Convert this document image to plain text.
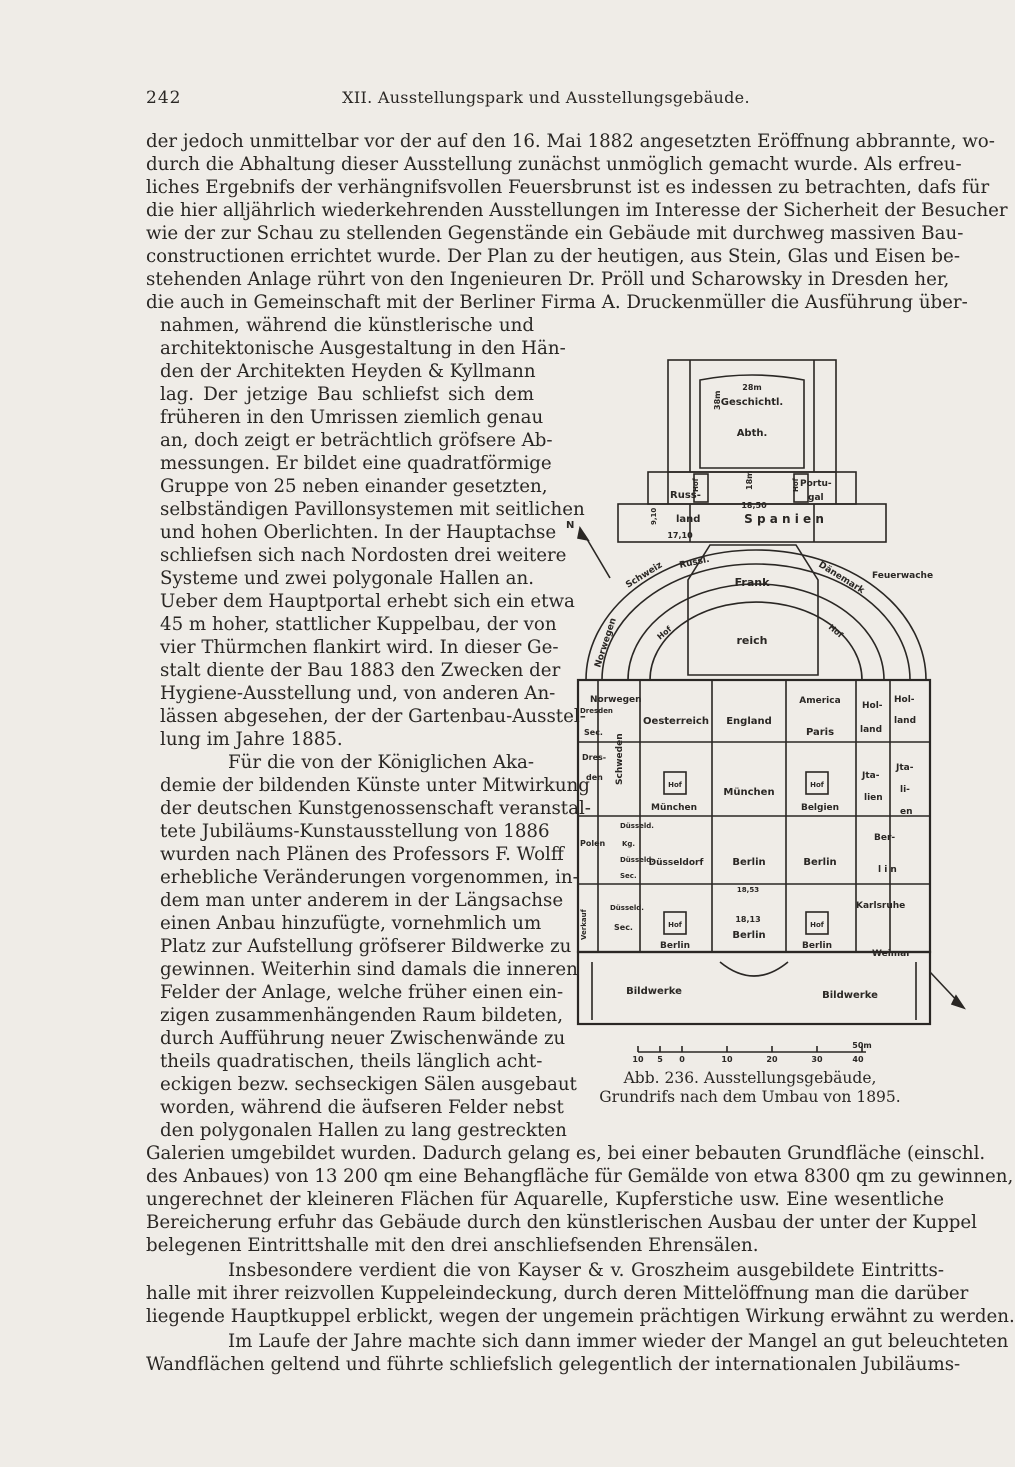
242	XII. Ausstellungspark und Ausstellungsgebäude.
der jedoch unmittelbar vor der auf den 16. Mai 1882 angesetzten Eröffnung abbrannte, wo-
durch die Abhaltung dieser Ausstellung zunächst unmöglich gemacht wurde. Als erfreu-
liches Ergebnifs der verhängnifsvollen Feuersbrunst ist es indessen zu betrachten, dafs für
die hier alljährlich wiederkehrenden Ausstellungen im Interesse der Sicherheit der Besucher
wie der zur Schau zu stellenden Gegenstände ein Gebäude mit durchweg massiven Bau-
constructionen errichtet wurde. Der Plan zu der heutigen, aus Stein, Glas und Eisen be-
stehenden Anlage rührt von den Ingenieuren Dr. Pröll und Scharowsky in Dresden her,
die auch in Gemeinschaft mit der Berliner Firma A. Druckenmüller die Ausführung über-
nahmen, während die künstlerische und
architektonische Ausgestaltung in den Hän-
den der Architekten Heyden & Kyllmann
lag. Der jetzige Bau schliefst sich dem
früheren in den Umrissen ziemlich genau
an, doch zeigt er beträchtlich gröfsere Ab-
messungen. Er bildet eine quadratförmige
Gruppe von 25 neben einander gesetzten,
selbständigen Pavillonsystemen mit seitlichen
und hohen Oberlichten. In der Hauptachse
schliefsen sich nach Nordosten drei weitere
Systeme und zwei polygonale Hallen an.
Ueber dem Hauptportal erhebt sich ein etwa
45 m hoher, stattlicher Kuppelbau, der von
vier Thürmchen flankirt wird. In dieser Ge-
stalt diente der Bau 1883 den Zwecken der
Hygiene-Ausstellung und, von anderen An-
lässen abgesehen, der der Gartenbau-Ausstel-
lung im Jahre 1885.
Für die von der Königlichen Aka-
demie der bildenden Künste unter Mitwirkung
der deutschen Kunstgenossenschaft veranstal-
tete Jubiläums-Kunstausstellung von 1886
wurden nach Plänen des Professors F. Wolff
erhebliche Veränderungen vorgenommen, in-
dem man unter anderem in der Längsachse
einen Anbau hinzufügte, vornehmlich um
Platz zur Aufstellung gröfserer Bildwerke zu
gewinnen. Weiterhin sind damals die inneren
Felder der Anlage, welche früher einen ein-
zigen zusammenhängenden Raum bildeten,
durch Aufführung neuer Zwischenwände zu
theils quadratischen, theils länglich acht-
eckigen bezw. sechseckigen Sälen ausgebaut
worden, während die äufseren Felder nebst
den polygonalen Hallen zu lang gestreckten
Galerien umgebildet wurden. Dadurch gelang es, bei einer bebauten Grundfläche (einschl.
des Anbaues) von 13 200 qm eine Behangfläche für Gemälde von etwa 8300 qm zu gewinnen,
ungerechnet der kleineren Flächen für Aquarelle, Kupferstiche usw. Eine wesentliche
Bereicherung erfuhr das Gebäude durch den künstlerischen Ausbau der unter der Kuppel
belegenen Eintrittshalle mit den drei anschliefsenden Ehrensälen.
Insbesondere verdient die von Kayser & v. Groszheim ausgebildete Eintritts-
halle mit ihrer reizvollen Kuppeleindeckung, durch deren Mittelöffnung man die darüber
liegende Hauptkuppel erblickt, wegen der ungemein prächtigen Wirkung erwähnt zu werden.
Im Laufe der Jahre machte sich dann immer wieder der Mangel an gut beleuchteten
Wandflächen geltend und führte schliefslich gelegentlich der internationalen Jubiläums-
28m
38m
18m
18,50
17,10
9,10
18,13
18,53
Geschichtl.
Abth.
Russ-
land
Portu-
gal
Hof	Hof
S p a n i e n
N
Feuerwache
Frank
reich
Schweiz Russl.	Dänemark
Norwegen	Hof	Hof
Norwegen
Dresden
Sec.
Dres-
den Schweden
Oesterreich England
America
Paris
Hol-
land
Hol-
land
Hof	Hof
München
München
Belgien
Jta-
lien
Jta-
li-
en
Düsseld.
Polen Kg.
Düsseld.
Sec.
Düsseldorf	Berlin	Berlin
Ber-
l i n
Verkauf
Düsseld.
Sec.	Hof	Hof
Berlin
Berlin
Berlin
Karlsruhe
Weimar
Bildwerke	Bildwerke
10 5 0	10	20	30	40
50m
Abb. 236. Ausstellungsgebäude,
Grundrifs nach dem Umbau von 1895.
